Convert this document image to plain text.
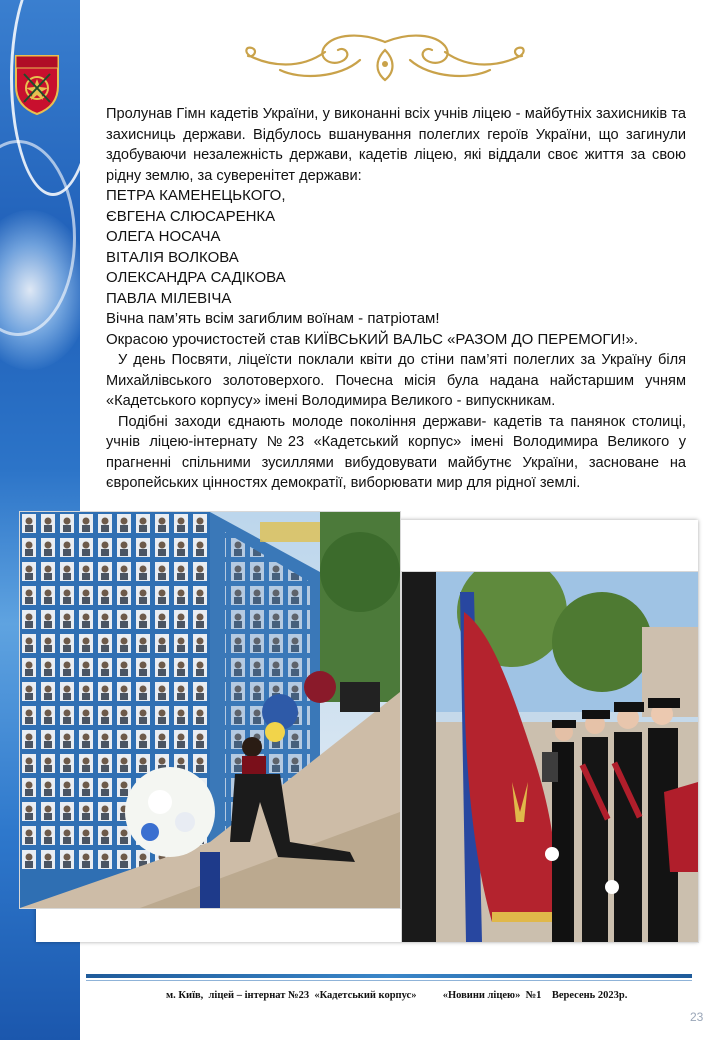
Пролунав Гімн кадетів України, у виконанні всіх учнів ліцею - майбутніх захисників та захисниць держави. Відбулось вшанування полеглих героїв України, що загинули здобуваючи незалежність держави, кадетів ліцею, які віддали своє життя за свою рідну землю, за суверенітет держави:

ПЕТРА КАМЕНЕЦЬКОГО,
ЄВГЕНА СЛЮСАРЕНКА
ОЛЕГА НОСАЧА
ВІТАЛІЯ ВОЛКОВА
ОЛЕКСАНДРА САДІКОВА
ПАВЛА МІЛЕВІЧА
Вічна пам’ять всім загиблим воїнам - патріотам!
Окрасою урочистостей став КИЇВСЬКИЙ ВАЛЬС «РАЗОМ ДО ПЕРЕМОГИ!».

У день Посвяти, ліцеїсти поклали квіти до стіни пам’яті полеглих за Україну біля Михайлівського золотоверхого. Почесна місія була надана найстаршим учням «Кадетського корпусу» імені Володимира Великого - випускникам.

Подібні заходи єднають молоде покоління держави- кадетів та панянок столиці, учнів ліцею-інтернату №23 «Кадетський корпус» імені Володимира Великого у прагненні спільними зусиллями вибудовувати майбутнє України, засноване на європейських цінностях демократії, виборювати мир для рідної землі.

м. Київ,  ліцей – інтернат №23  «Кадетський корпус»          «Новини ліцею»  №1    Вересень 2023р.
23
